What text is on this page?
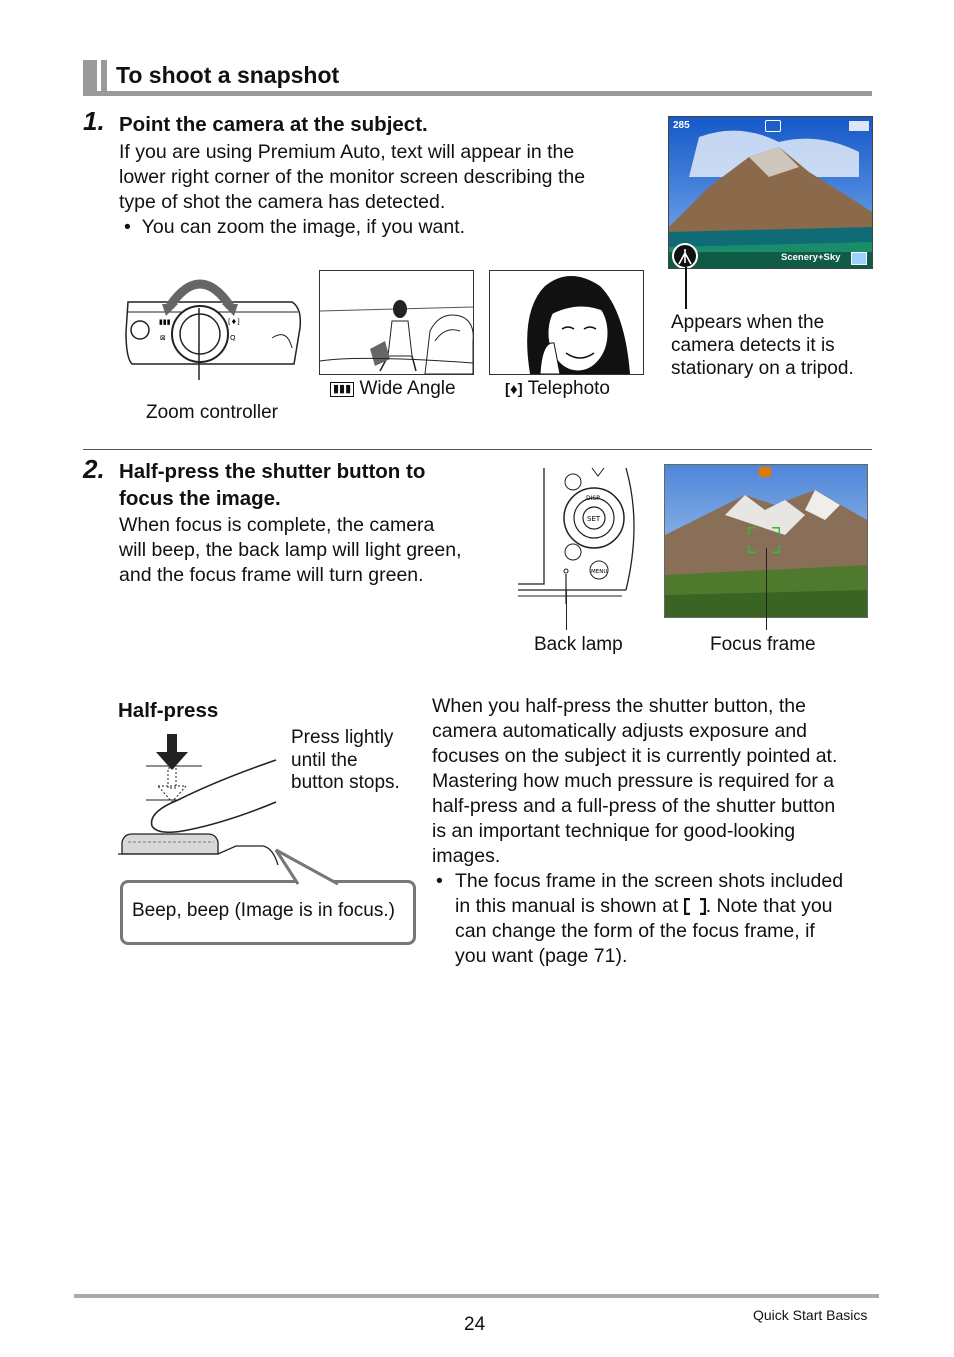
To shoot a snapshot
1. Point the camera at the subject.
If you are using Premium Auto, text will appear in the
lower right corner of the monitor screen describing the
type of shot the camera has detected.
•  You can zoom the image, if you want.
▮▮▮
⊠
[♦]
Q
Zoom controller
▮▮▮ Wide Angle	[♦] Telephoto
285
Scenery+Sky
Appears when the
camera detects it is
stationary on a tripod.
2. Half-press the shutter button to
focus the image.
When focus is complete, the camera
will beep, the back lamp will light green,
and the focus frame will turn green.
SET
DISP
MENU
Back lamp	Focus frame
Half-press
Press lightly
until the
button stops.
Beep, beep (Image is in focus.)
When you half-press the shutter button, the
camera automatically adjusts exposure and
focuses on the subject it is currently pointed at.
Mastering how much pressure is required for a
half-press and a full-press of the shutter button
is an important technique for good-looking
images.
• The focus frame in the screen shots included
in this manual is shown at
. Note that you
can change the form of the focus frame, if
you want (page 71).
24	Quick Start Basics
